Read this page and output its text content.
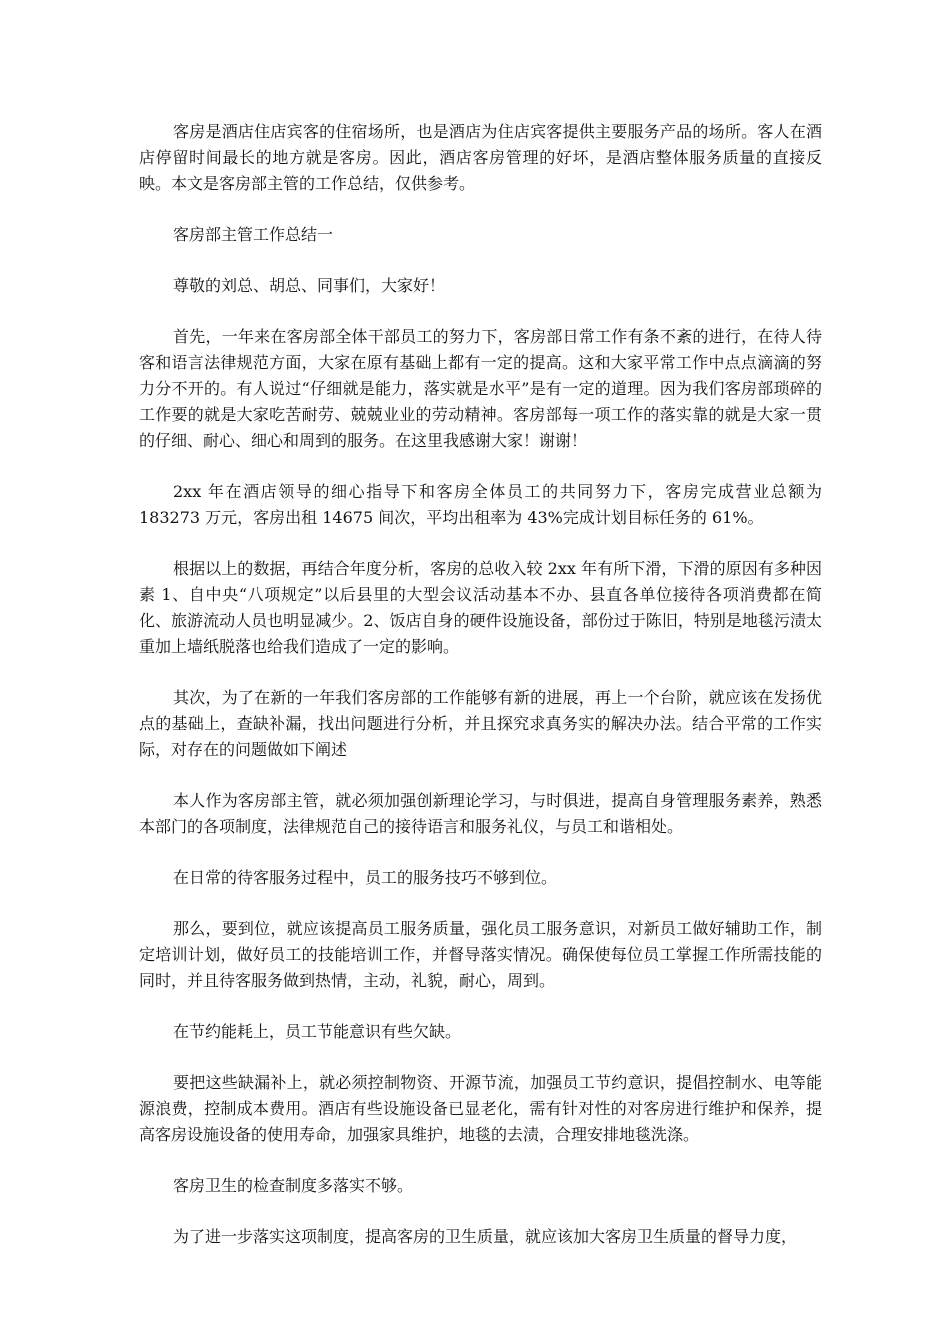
客房是酒店住店宾客的住宿场所，也是酒店为住店宾客提供主要服务产品的场所。客人在酒店停留时间最长的地方就是客房。因此，酒店客房管理的好坏，是酒店整体服务质量的直接反映。本文是客房部主管的工作总结，仅供参考。

客房部主管工作总结一

尊敬的刘总、胡总、同事们，大家好！

首先，一年来在客房部全体干部员工的努力下，客房部日常工作有条不紊的进行，在待人待客和语言法律规范方面，大家在原有基础上都有一定的提高。这和大家平常工作中点点滴滴的努力分不开的。有人说过“仔细就是能力，落实就是水平”是有一定的道理。因为我们客房部琐碎的工作要的就是大家吃苦耐劳、兢兢业业的劳动精神。客房部每一项工作的落实靠的就是大家一贯的仔细、耐心、细心和周到的服务。在这里我感谢大家！谢谢！

2xx 年在酒店领导的细心指导下和客房全体员工的共同努力下，客房完成营业总额为183273 万元，客房出租 14675 间次，平均出租率为 43%完成计划目标任务的 61%。

根据以上的数据，再结合年度分析，客房的总收入较 2xx 年有所下滑，下滑的原因有多种因素 1、自中央“八项规定”以后县里的大型会议活动基本不办、县直各单位接待各项消费都在简化、旅游流动人员也明显减少。2、饭店自身的硬件设施设备，部份过于陈旧，特别是地毯污渍太重加上墙纸脱落也给我们造成了一定的影响。

其次，为了在新的一年我们客房部的工作能够有新的进展，再上一个台阶，就应该在发扬优点的基础上，查缺补漏，找出问题进行分析，并且探究求真务实的解决办法。结合平常的工作实际，对存在的问题做如下阐述

本人作为客房部主管，就必须加强创新理论学习，与时俱进，提高自身管理服务素养，熟悉本部门的各项制度，法律规范自己的接待语言和服务礼仪，与员工和谐相处。

在日常的待客服务过程中，员工的服务技巧不够到位。

那么，要到位，就应该提高员工服务质量，强化员工服务意识，对新员工做好辅助工作，制定培训计划，做好员工的技能培训工作，并督导落实情况。确保使每位员工掌握工作所需技能的同时，并且待客服务做到热情，主动，礼貌，耐心，周到。

在节约能耗上，员工节能意识有些欠缺。

要把这些缺漏补上，就必须控制物资、开源节流，加强员工节约意识，提倡控制水、电等能源浪费，控制成本费用。酒店有些设施设备已显老化，需有针对性的对客房进行维护和保养，提高客房设施设备的使用寿命，加强家具维护，地毯的去渍，合理安排地毯洗涤。

客房卫生的检查制度多落实不够。

为了进一步落实这项制度，提高客房的卫生质量，就应该加大客房卫生质量的督导力度，
